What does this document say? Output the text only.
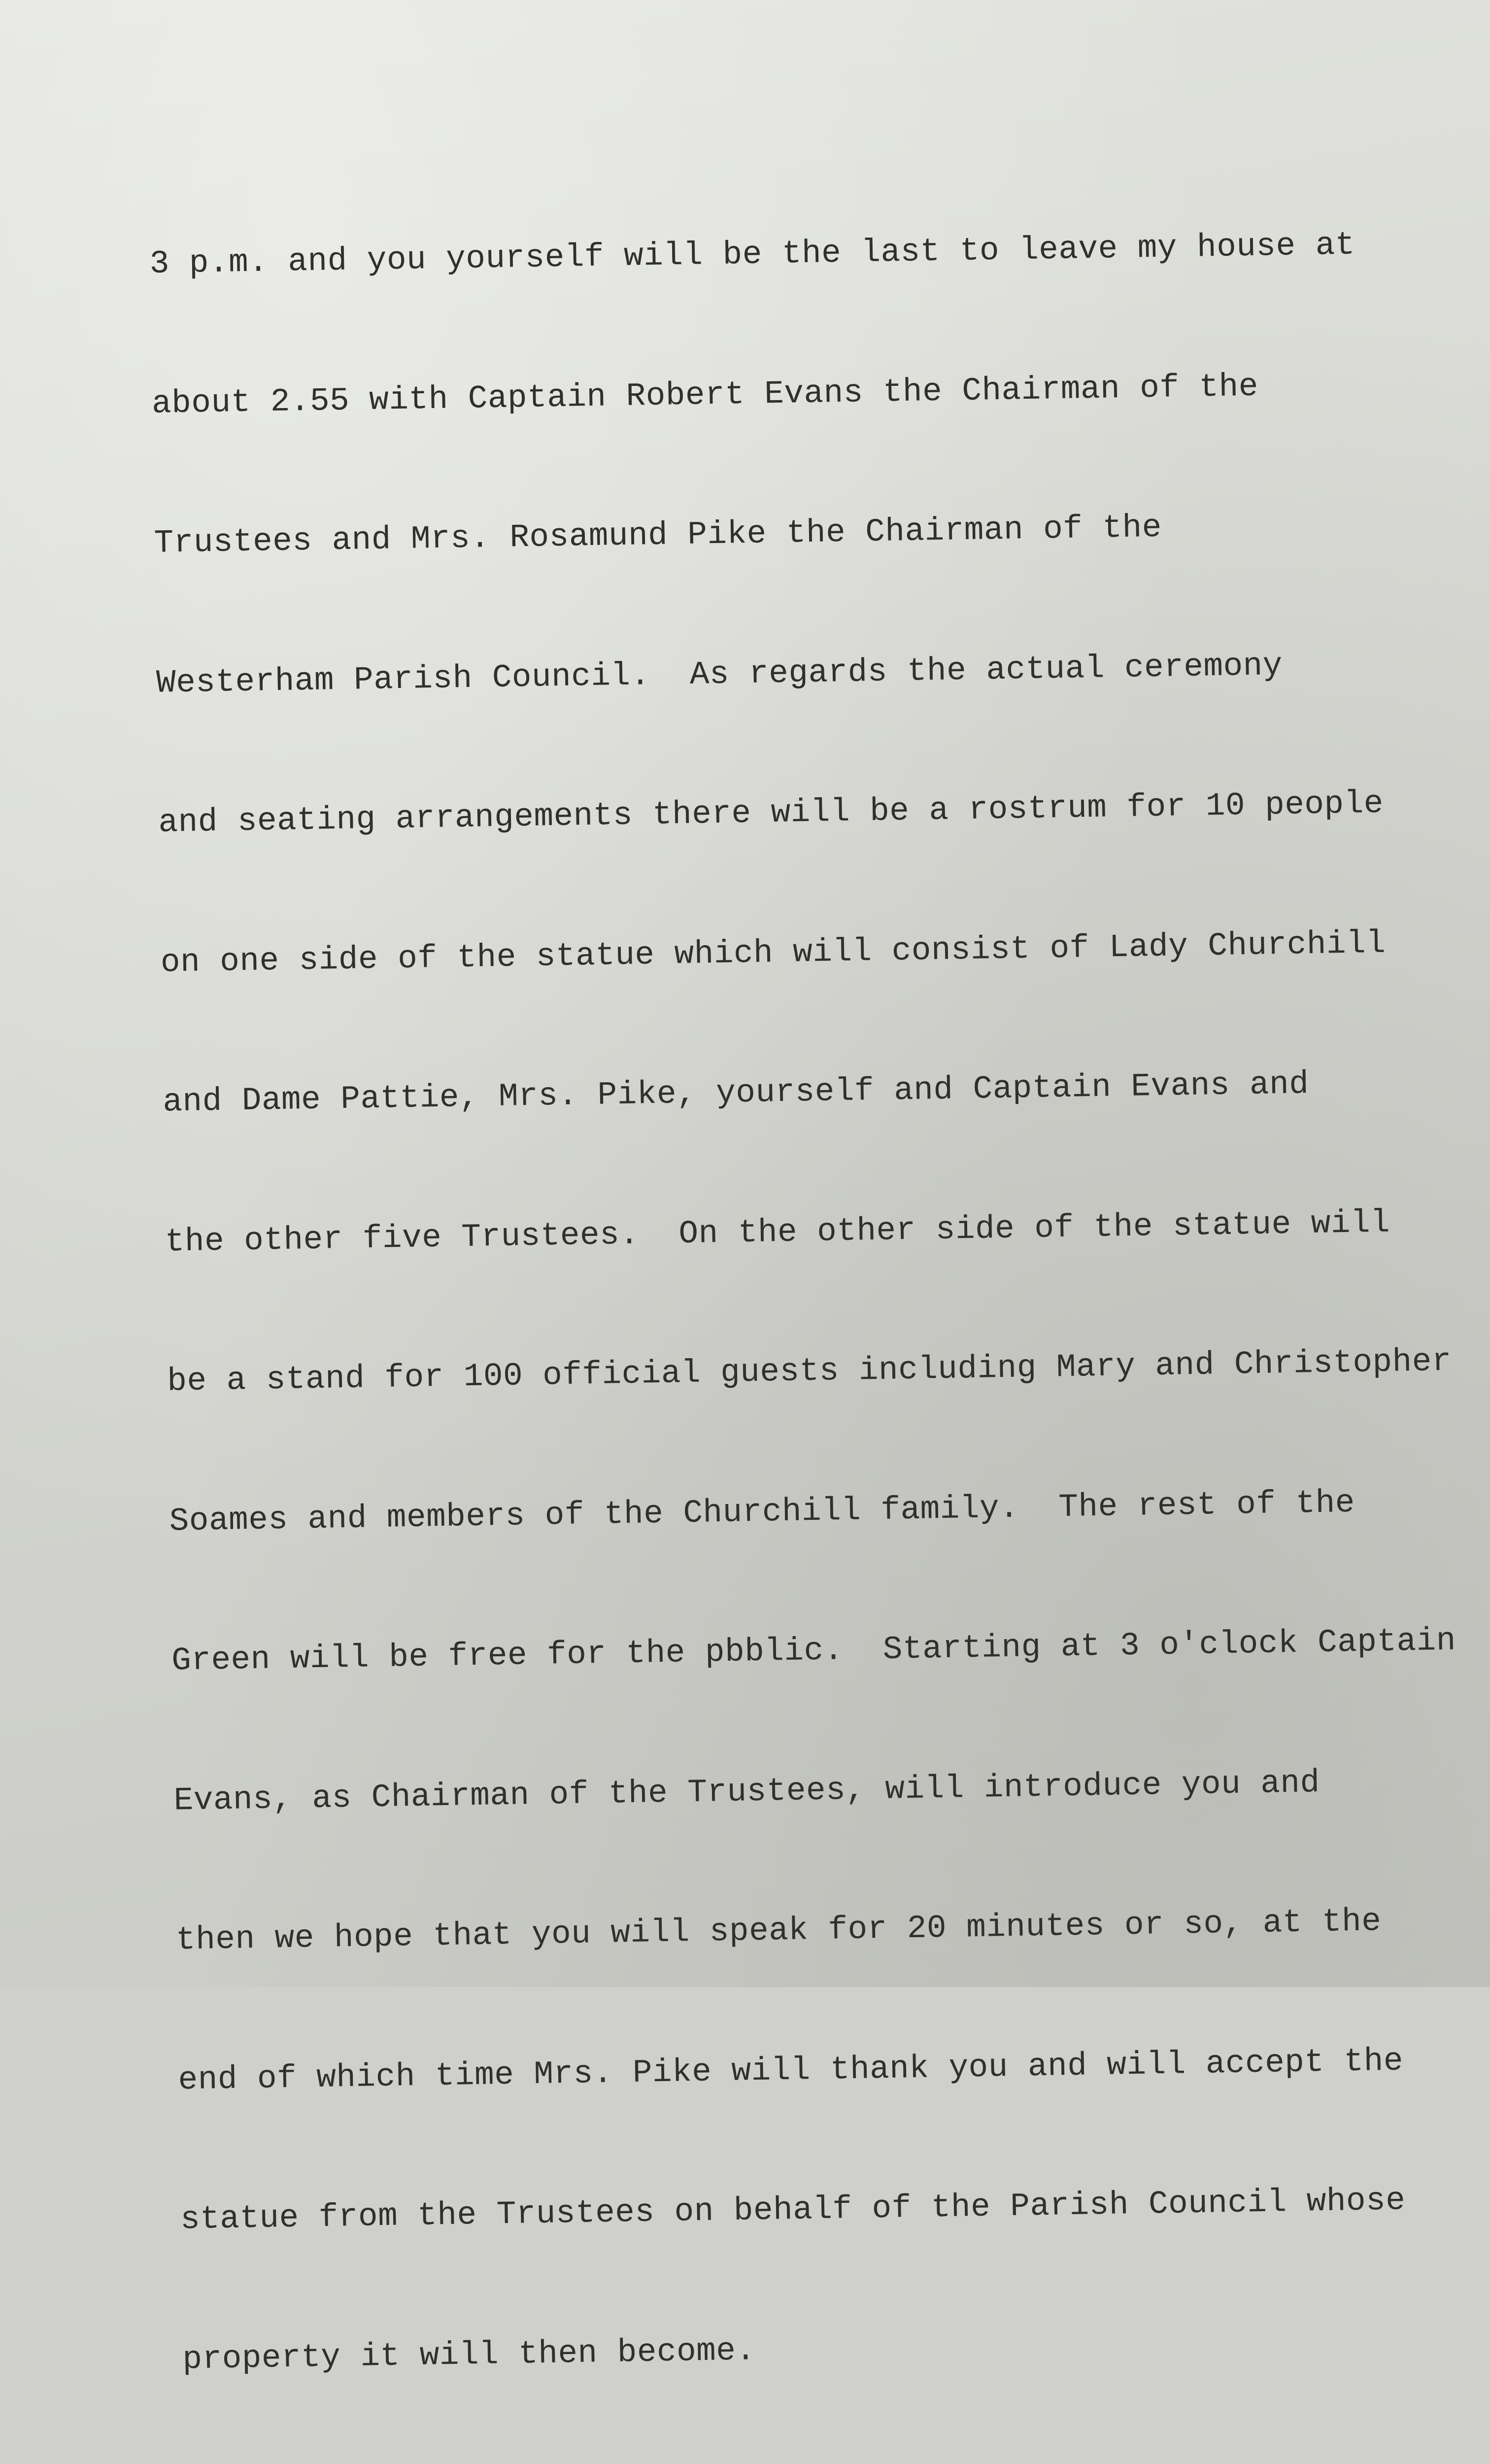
3 p.m. and you yourself will be the last to leave my house at

about 2.55 with Captain Robert Evans the Chairman of the

Trustees and Mrs. Rosamund Pike the Chairman of the

Westerham Parish Council.  As regards the actual ceremony

and seating arrangements there will be a rostrum for 10 people

on one side of the statue which will consist of Lady Churchill

and Dame Pattie, Mrs. Pike, yourself and Captain Evans and

the other five Trustees.  On the other side of the statue will

be a stand for 100 official guests including Mary and Christopher

Soames and members of the Churchill family.  The rest of the

Green will be free for the pbblic.  Starting at 3 o'clock Captain

Evans, as Chairman of the Trustees, will introduce you and

then we hope that you will speak for 20 minutes or so, at the

end of which time Mrs. Pike will thank you and will accept the

statue from the Trustees on behalf of the Parish Council whose

property it will then become.
